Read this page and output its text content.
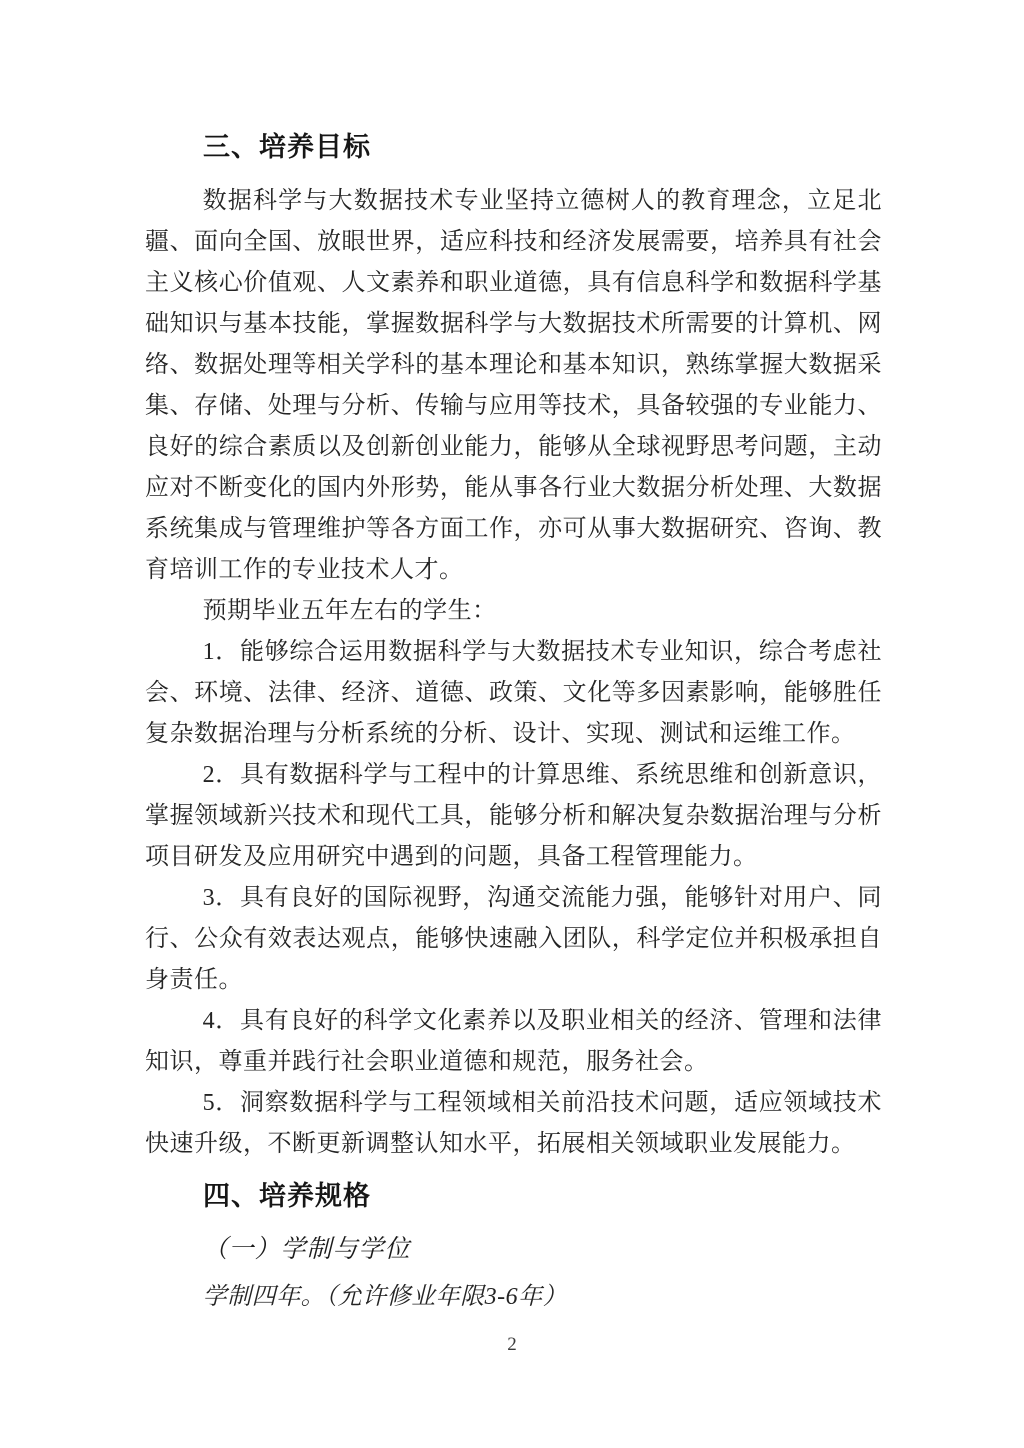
三、培养目标

数据科学与大数据技术专业坚持立德树人的教育理念，立足北疆、面向全国、放眼世界，适应科技和经济发展需要，培养具有社会主义核心价值观、人文素养和职业道德，具有信息科学和数据科学基础知识与基本技能，掌握数据科学与大数据技术所需要的计算机、网络、数据处理等相关学科的基本理论和基本知识，熟练掌握大数据采集、存储、处理与分析、传输与应用等技术，具备较强的专业能力、良好的综合素质以及创新创业能力，能够从全球视野思考问题，主动应对不断变化的国内外形势，能从事各行业大数据分析处理、大数据系统集成与管理维护等各方面工作，亦可从事大数据研究、咨询、教育培训工作的专业技术人才。

预期毕业五年左右的学生：

1．能够综合运用数据科学与大数据技术专业知识，综合考虑社会、环境、法律、经济、道德、政策、文化等多因素影响，能够胜任复杂数据治理与分析系统的分析、设计、实现、测试和运维工作。

2．具有数据科学与工程中的计算思维、系统思维和创新意识，掌握领域新兴技术和现代工具，能够分析和解决复杂数据治理与分析项目研发及应用研究中遇到的问题，具备工程管理能力。

3．具有良好的国际视野，沟通交流能力强，能够针对用户、同行、公众有效表达观点，能够快速融入团队，科学定位并积极承担自身责任。

4．具有良好的科学文化素养以及职业相关的经济、管理和法律知识，尊重并践行社会职业道德和规范，服务社会。

5．洞察数据科学与工程领域相关前沿技术问题，适应领域技术快速升级，不断更新调整认知水平，拓展相关领域职业发展能力。

四、培养规格

（一）学制与学位

学制四年。（允许修业年限3-6年）

2
